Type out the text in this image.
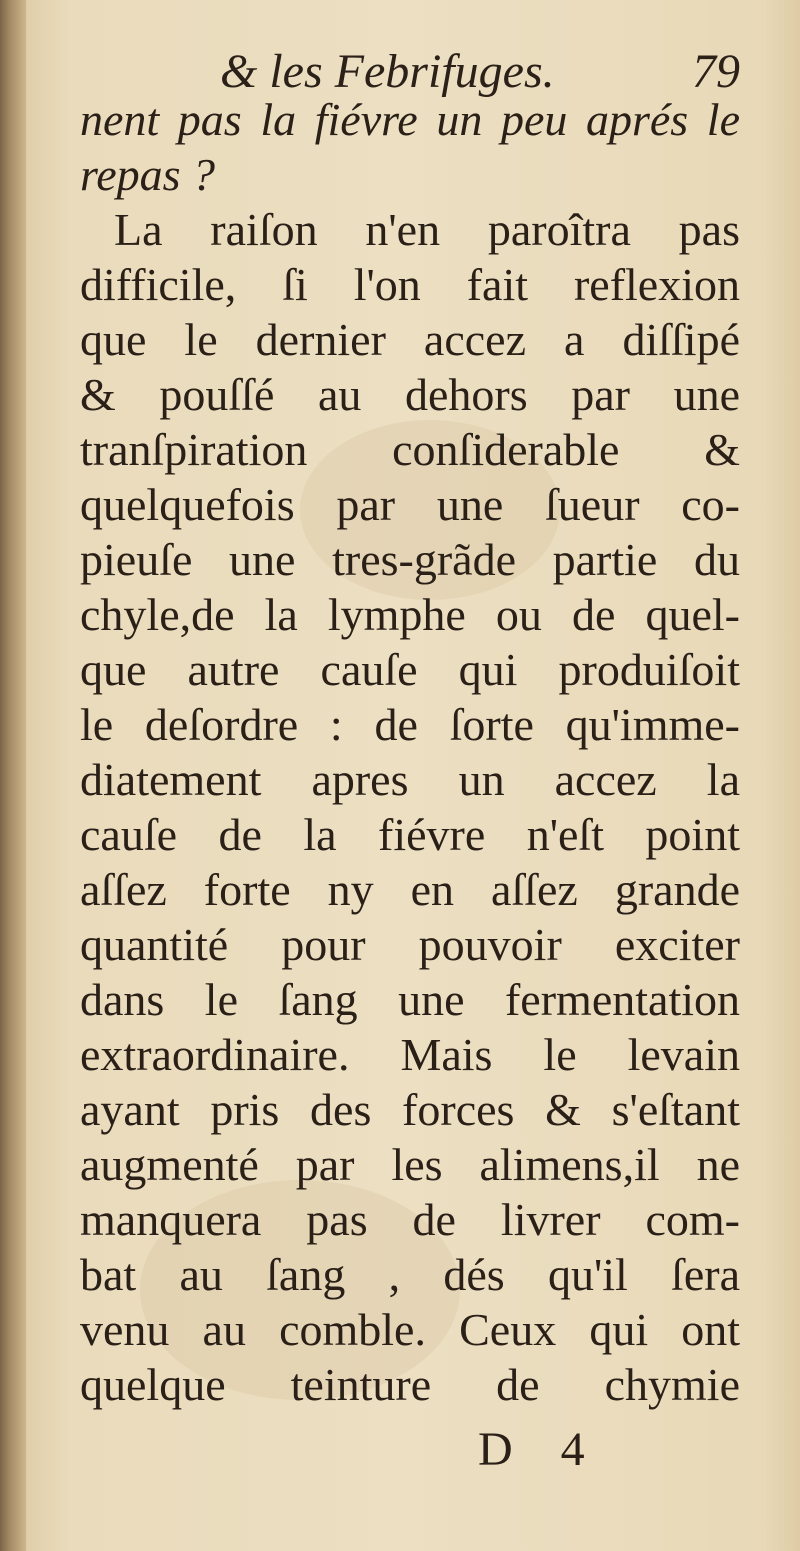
& les Febrifuges.	79
nent pas la fiévre un peu aprés le
repas ?
La raiſon n'en paroîtra pas
difficile, ſi l'on fait reflexion
que le dernier accez a diſſipé
& pouſſé au dehors par une
tranſpiration conſiderable &
quelquefois par une ſueur co-
pieuſe une tres-grãde partie du
chyle,de la lymphe ou de quel-
que autre cauſe qui produiſoit
le deſordre : de ſorte qu'imme-
diatement apres un accez la
cauſe de la fiévre n'eſt point
aſſez forte ny en aſſez grande
quantité pour pouvoir exciter
dans le ſang une fermentation
extraordinaire. Mais le levain
ayant pris des forces & s'eſtant
augmenté par les alimens,il ne
manquera pas de livrer com-
bat au ſang , dés qu'il ſera
venu au comble. Ceux qui ont
quelque teinture de chymie
D 4
